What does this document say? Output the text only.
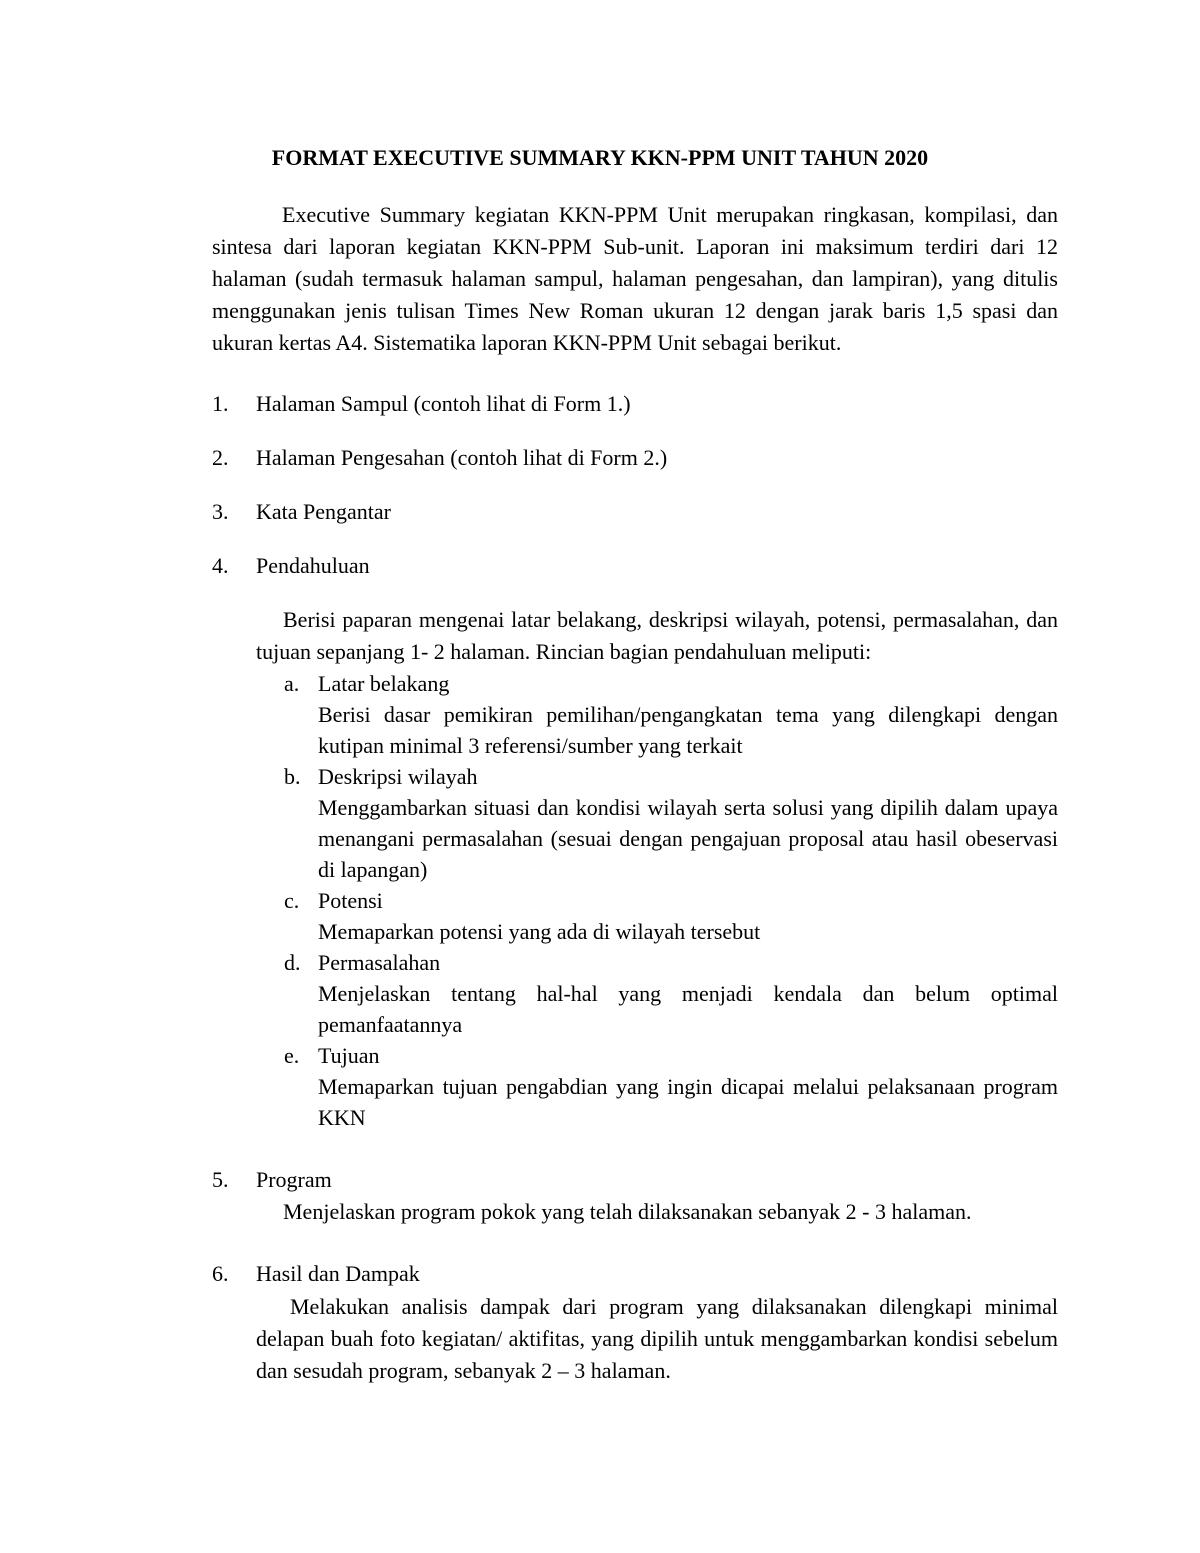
FORMAT EXECUTIVE SUMMARY KKN-PPM UNIT TAHUN 2020
Executive Summary kegiatan KKN-PPM Unit merupakan ringkasan, kompilasi, dan sintesa dari laporan kegiatan KKN-PPM Sub-unit. Laporan ini maksimum terdiri dari 12 halaman (sudah termasuk halaman sampul, halaman pengesahan, dan lampiran), yang ditulis menggunakan jenis tulisan Times New Roman ukuran 12 dengan jarak baris 1,5 spasi dan ukuran kertas A4. Sistematika laporan KKN-PPM Unit sebagai berikut.
1.	Halaman Sampul (contoh lihat di Form 1.)
2.	Halaman Pengesahan (contoh lihat di Form 2.)
3.	Kata Pengantar
4.	Pendahuluan
Berisi paparan mengenai latar belakang, deskripsi wilayah, potensi, permasalahan, dan tujuan sepanjang 1- 2 halaman. Rincian bagian pendahuluan meliputi:
a. Latar belakang
Berisi dasar pemikiran pemilihan/pengangkatan tema yang dilengkapi dengan kutipan minimal 3 referensi/sumber yang terkait
b. Deskripsi wilayah
Menggambarkan situasi dan kondisi wilayah serta solusi yang dipilih dalam upaya menangani permasalahan (sesuai dengan pengajuan proposal atau hasil obeservasi di lapangan)
c. Potensi
Memaparkan potensi yang ada di wilayah tersebut
d. Permasalahan
Menjelaskan tentang hal-hal yang menjadi kendala dan belum optimal pemanfaatannya
e. Tujuan
Memaparkan tujuan pengabdian yang ingin dicapai melalui pelaksanaan program KKN
5.	Program
Menjelaskan program pokok yang telah dilaksanakan sebanyak 2 - 3 halaman.
6.	Hasil dan Dampak
Melakukan analisis dampak dari program yang dilaksanakan dilengkapi minimal delapan buah foto kegiatan/ aktifitas, yang dipilih untuk menggambarkan kondisi sebelum dan sesudah program, sebanyak 2 – 3 halaman.
